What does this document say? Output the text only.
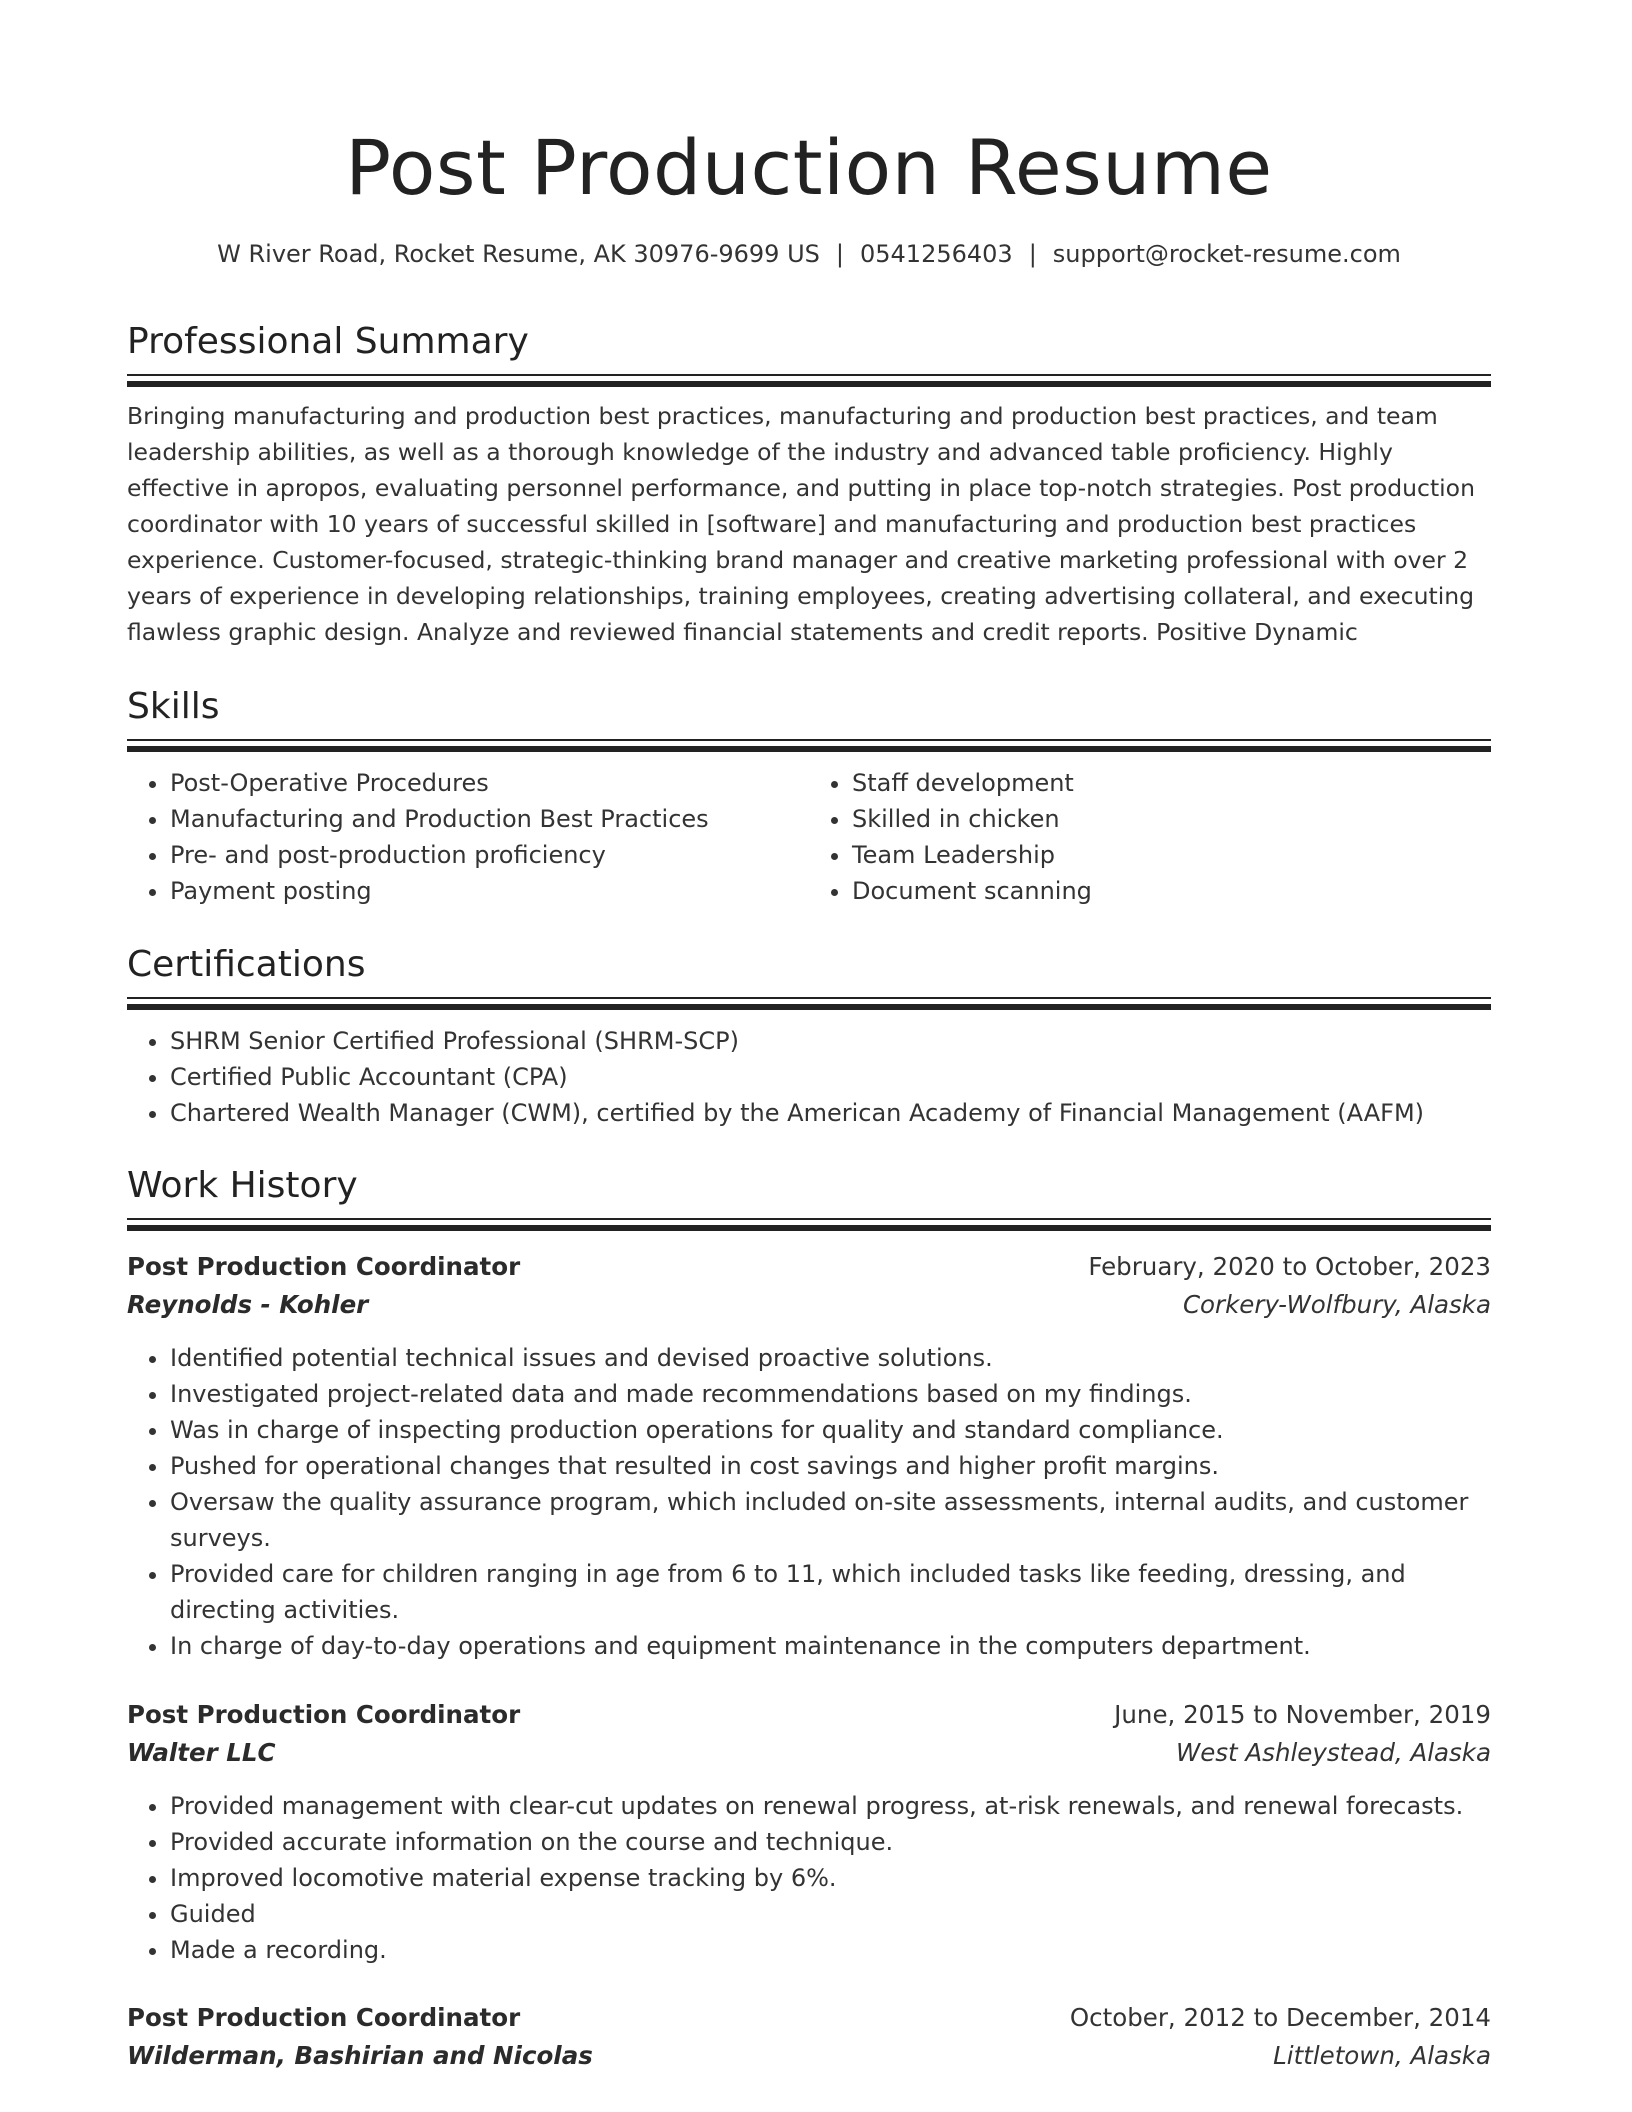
Post Production Resume
W River Road, Rocket Resume, AK 30976-9699 US | 0541256403 | support@rocket-resume.com
Professional Summary

Bringing manufacturing and production best practices, manufacturing and production best practices, and team leadership abilities, as well as a thorough knowledge of the industry and advanced table proficiency. Highly effective in apropos, evaluating personnel performance, and putting in place top-notch strategies. Post production coordinator with 10 years of successful skilled in [software] and manufacturing and production best practices experience. Customer-focused, strategic-thinking brand manager and creative marketing professional with over 2 years of experience in developing relationships, training employees, creating advertising collateral, and executing flawless graphic design. Analyze and reviewed financial statements and credit reports. Positive Dynamic

Skills
• Post-Operative Procedures
• Manufacturing and Production Best Practices
• Pre- and post-production proficiency
• Payment posting
• Staff development
• Skilled in chicken
• Team Leadership
• Document scanning
Certifications
• SHRM Senior Certified Professional (SHRM-SCP)
• Certified Public Accountant (CPA)
• Chartered Wealth Manager (CWM), certified by the American Academy of Financial Management (AAFM)
Work History
Post Production Coordinator	February, 2020 to October, 2023
Reynolds - Kohler	Corkery-Wolfbury, Alaska
• Identified potential technical issues and devised proactive solutions.
• Investigated project-related data and made recommendations based on my findings.
• Was in charge of inspecting production operations for quality and standard compliance.
• Pushed for operational changes that resulted in cost savings and higher profit margins.
• Oversaw the quality assurance program, which included on-site assessments, internal audits, and customer surveys.
• Provided care for children ranging in age from 6 to 11, which included tasks like feeding, dressing, and directing activities.
• In charge of day-to-day operations and equipment maintenance in the computers department.
Post Production Coordinator	June, 2015 to November, 2019
Walter LLC	West Ashleystead, Alaska
• Provided management with clear-cut updates on renewal progress, at-risk renewals, and renewal forecasts.
• Provided accurate information on the course and technique.
• Improved locomotive material expense tracking by 6%.
• Guided
• Made a recording.
Post Production Coordinator	October, 2012 to December, 2014
Wilderman, Bashirian and Nicolas	Littletown, Alaska
